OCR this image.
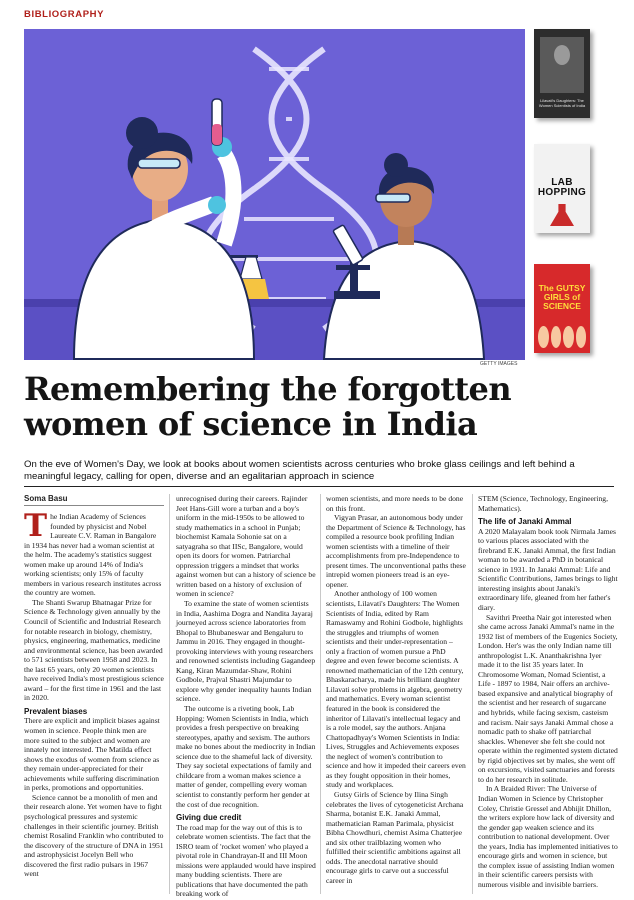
BIBLIOGRAPHY
GETTY IMAGES
Lilavati's Daughters: The Women Scientists of India
LAB HOPPING
The GUTSY GIRLS of SCIENCE
Remembering the forgotten women of science in India

On the eve of Women's Day, we look at books about women scientists across centuries who broke glass ceilings and left behind a meaningful legacy, calling for open, diverse and an egalitarian approach in science

Soma Basu

The Indian Academy of Sciences founded by physicist and Nobel Laureate C.V. Raman in Bangalore in 1934 has never had a woman scientist at the helm. The academy's statistics suggest women make up around 14% of India's working scientists; only 15% of faculty members in various research institutes across the country are women.

The Shanti Swarup Bhatnagar Prize for Science & Technology given annually by the Council of Scientific and Industrial Research for notable research in biology, chemistry, physics, engineering, mathematics, medicine and environmental science, has been awarded to 571 scientists between 1958 and 2023. In the last 65 years, only 20 women scientists have received India's most prestigious science award – for the first time in 1961 and the last in 2020.

Prevalent biases

There are explicit and implicit biases against women in science. People think men are more suited to the subject and women are innately not interested. The Matilda effect shows the exodus of women from science as they remain under-appreciated for their achievements while suffering discrimination in perks, promotions and opportunities.

Science cannot be a monolith of men and their research alone. Yet women have to fight psychological pressures and systemic challenges in their scientific journey. British chemist Rosalind Franklin who contributed to the discovery of the structure of DNA in 1951 and astrophysicist Jocelyn Bell who discovered the first radio pulsars in 1967 went

unrecognised during their careers. Rajinder Jeet Hans-Gill wore a turban and a boy's uniform in the mid-1950s to be allowed to study mathematics in a school in Punjab; biochemist Kamala Sohonie sat on a satyagraha so that IISc, Bangalore, would open its doors for women. Patriarchal oppression triggers a mindset that works against women but can a history of science be written based on a history of exclusion of women in science?

To examine the state of women scientists in India, Aashima Dogra and Nandita Jayaraj journeyed across science laboratories from Bhopal to Bhubaneswar and Bengaluru to Jammu in 2016. They engaged in thought-provoking interviews with young researchers and renowned scientists including Gagandeep Kang, Kiran Mazumdar-Shaw, Rohini Godbole, Prajval Shastri Majumdar to explore why gender inequality haunts Indian science.

The outcome is a riveting book, Lab Hopping: Women Scientists in India, which provides a fresh perspective on breaking stereotypes, apathy and sexism. The authors make no bones about the mediocrity in Indian science due to the shameful lack of diversity. They say societal expectations of family and childcare from a woman makes science a matter of gender, compelling every woman scientist to constantly perform her gender at the cost of due recognition.

Giving due credit

The road map for the way out of this is to celebrate women scientists. The fact that the ISRO team of 'rocket women' who played a pivotal role in Chandrayan-II and III Moon missions were applauded would have inspired many budding scientists. There are publications that have documented the path breaking work of

women scientists, and more needs to be done on this front.

Vigyan Prasar, an autonomous body under the Department of Science & Technology, has compiled a resource book profiling Indian women scientists with a timeline of their accomplishments from pre-Independence to present times. The unconventional paths these intrepid women pioneers tread is an eye-opener.

Another anthology of 100 women scientists, Lilavati's Daughters: The Women Scientists of India, edited by Ram Ramaswamy and Rohini Godbole, highlights the struggles and triumphs of women scientists and their under-representation – only a fraction of women pursue a PhD degree and even fewer become scientists. A renowned mathematician of the 12th century, Bhaskaracharya, made his brilliant daughter Lilavati solve problems in algebra, geometry and mathematics. Every woman scientist featured in the book is considered the inheritor of Lilavati's intellectual legacy and is a role model, say the authors. Anjana Chattopadhyay's Women Scientists in India: Lives, Struggles and Achievements exposes the neglect of women's contribution to science and how it impeded their careers even as they fought opposition in their homes, study and workplaces.

Gutsy Girls of Science by Ilina Singh celebrates the lives of cytogeneticist Archana Sharma, botanist E.K. Janaki Ammal, mathematician Raman Parimala, physicist Bibha Chowdhuri, chemist Asima Chatterjee and six other trailblazing women who fulfilled their scientific ambitions against all odds. The anecdotal narrative should encourage girls to carve out a successful career in

STEM (Science, Technology, Engineering, Mathematics).

The life of Janaki Ammal

A 2020 Malayalam book took Nirmala James to various places associated with the firebrand E.K. Janaki Ammal, the first Indian woman to be awarded a PhD in botanical science in 1931. In Janaki Ammal: Life and Scientific Contributions, James brings to light interesting insights about Janaki's extraordinary life, gleaned from her father's diary.

Savithri Preetha Nair got interested when she came across Janaki Ammal's name in the 1932 list of members of the Eugenics Society, London. Her's was the only Indian name till anthropologist L.K. Ananthakrishna Iyer made it to the list 35 years later. In Chromosome Woman, Nomad Scientist, a Life - 1897 to 1984, Nair offers an archive-based expansive and analytical biography of the scientist and her research of sugarcane and hybrids, while facing sexism, casteism and racism. Nair says Janaki Ammal chose a nomadic path to shake off patriarchal shackles. Whenever she felt she could not operate within the regimented system dictated by rigid objectives set by males, she went off on excursions, visited sanctuaries and forests to do her research in solitude.

In A Braided River: The Universe of Indian Women in Science by Christopher Coley, Christie Gressel and Abhijit Dhillon, the writers explore how lack of diversity and the gender gap weaken science and its contribution to national development. Over the years, India has implemented initiatives to encourage girls and women in science, but the complex issue of assisting Indian women in their scientific careers persists with numerous visible and invisible barriers.
